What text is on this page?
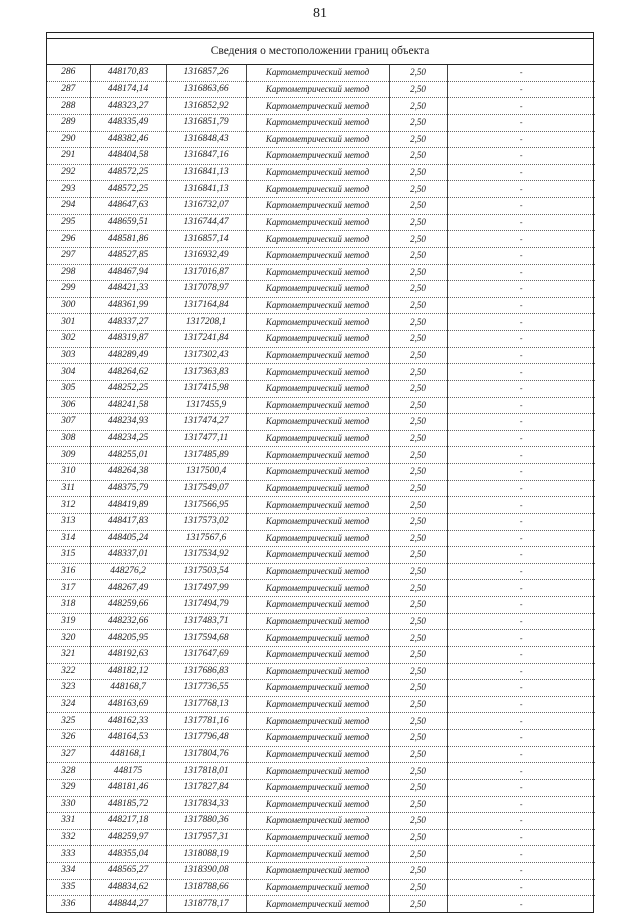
81
Сведения о местоположении границ объекта
286	448170,83	1316857,26	Картометрический метод	2,50	-
287	448174,14	1316863,66	Картометрический метод	2,50	-
288	448323,27	1316852,92	Картометрический метод	2,50	-
289	448335,49	1316851,79	Картометрический метод	2,50	-
290	448382,46	1316848,43	Картометрический метод	2,50	-
291	448404,58	1316847,16	Картометрический метод	2,50	-
292	448572,25	1316841,13	Картометрический метод	2,50	-
293	448572,25	1316841,13	Картометрический метод	2,50	-
294	448647,63	1316732,07	Картометрический метод	2,50	-
295	448659,51	1316744,47	Картометрический метод	2,50	-
296	448581,86	1316857,14	Картометрический метод	2,50	-
297	448527,85	1316932,49	Картометрический метод	2,50	-
298	448467,94	1317016,87	Картометрический метод	2,50	-
299	448421,33	1317078,97	Картометрический метод	2,50	-
300	448361,99	1317164,84	Картометрический метод	2,50	-
301	448337,27	1317208,1	Картометрический метод	2,50	-
302	448319,87	1317241,84	Картометрический метод	2,50	-
303	448289,49	1317302,43	Картометрический метод	2,50	-
304	448264,62	1317363,83	Картометрический метод	2,50	-
305	448252,25	1317415,98	Картометрический метод	2,50	-
306	448241,58	1317455,9	Картометрический метод	2,50	-
307	448234,93	1317474,27	Картометрический метод	2,50	-
308	448234,25	1317477,11	Картометрический метод	2,50	-
309	448255,01	1317485,89	Картометрический метод	2,50	-
310	448264,38	1317500,4	Картометрический метод	2,50	-
311	448375,79	1317549,07	Картометрический метод	2,50	-
312	448419,89	1317566,95	Картометрический метод	2,50	-
313	448417,83	1317573,02	Картометрический метод	2,50	-
314	448405,24	1317567,6	Картометрический метод	2,50	-
315	448337,01	1317534,92	Картометрический метод	2,50	-
316	448276,2	1317503,54	Картометрический метод	2,50	-
317	448267,49	1317497,99	Картометрический метод	2,50	-
318	448259,66	1317494,79	Картометрический метод	2,50	-
319	448232,66	1317483,71	Картометрический метод	2,50	-
320	448205,95	1317594,68	Картометрический метод	2,50	-
321	448192,63	1317647,69	Картометрический метод	2,50	-
322	448182,12	1317686,83	Картометрический метод	2,50	-
323	448168,7	1317736,55	Картометрический метод	2,50	-
324	448163,69	1317768,13	Картометрический метод	2,50	-
325	448162,33	1317781,16	Картометрический метод	2,50	-
326	448164,53	1317796,48	Картометрический метод	2,50	-
327	448168,1	1317804,76	Картометрический метод	2,50	-
328	448175	1317818,01	Картометрический метод	2,50	-
329	448181,46	1317827,84	Картометрический метод	2,50	-
330	448185,72	1317834,33	Картометрический метод	2,50	-
331	448217,18	1317880,36	Картометрический метод	2,50	-
332	448259,97	1317957,31	Картометрический метод	2,50	-
333	448355,04	1318088,19	Картометрический метод	2,50	-
334	448565,27	1318390,08	Картометрический метод	2,50	-
335	448834,62	1318788,66	Картометрический метод	2,50	-
336	448844,27	1318778,17	Картометрический метод	2,50	-
